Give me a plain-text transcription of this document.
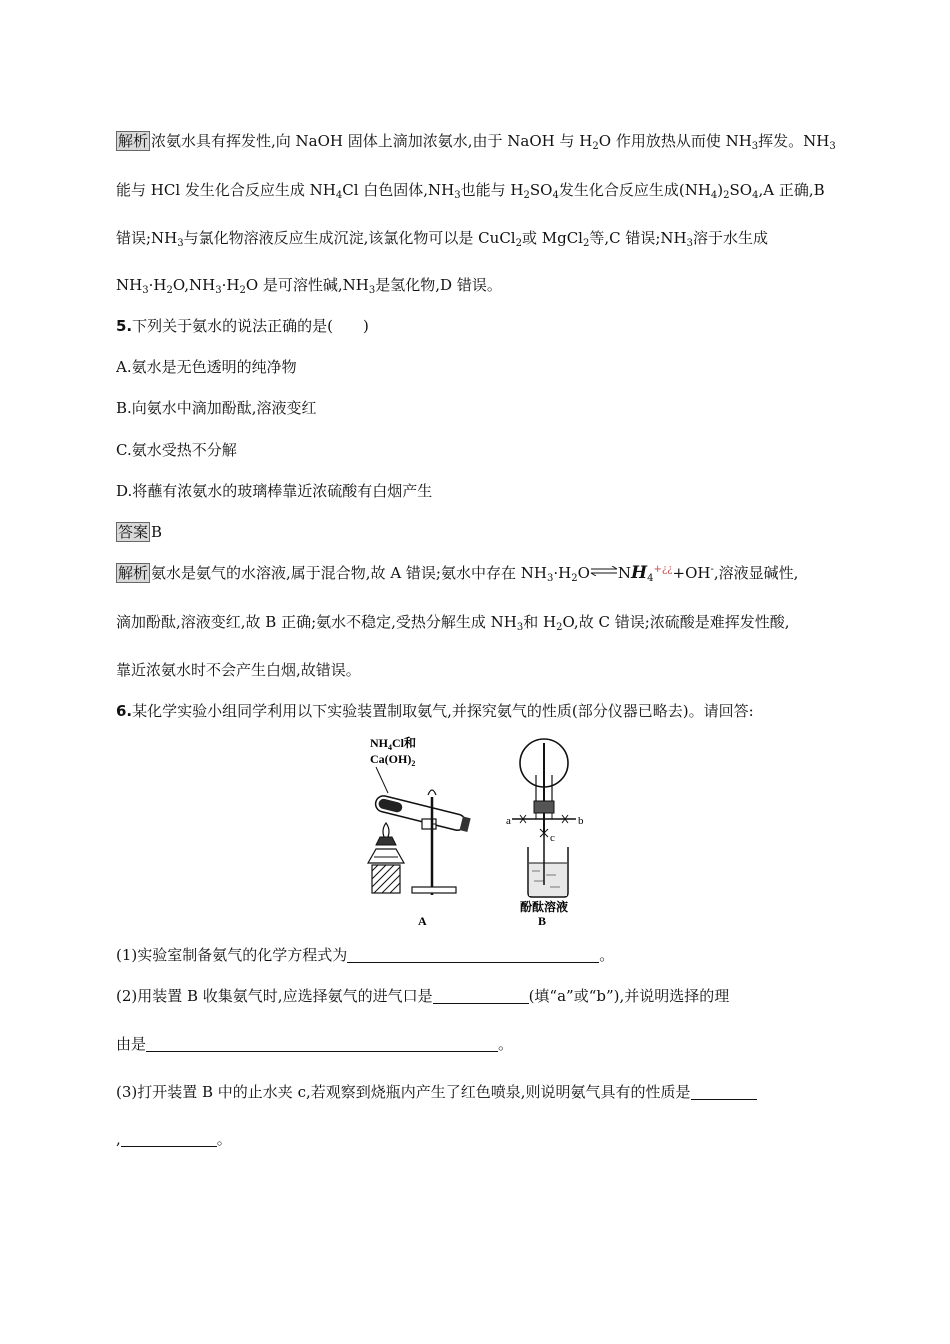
解析 浓氨水具有挥发性,向 NaOH 固体上滴加浓氨水,由于 NaOH 与 $H_2O$ 作用放热从而使 $NH_3$挥发。$NH_3$
能与 HCl 发生化合反应生成 $NH_4Cl$ 白色固体$,NH_3$也能与 $H_2SO_4$发生化合反应生成$(NH_4)_2SO_4,A$ 正确,B
错误$;NH_3$与氯化物溶液反应生成沉淀,该氯化物可以是 CuCl$_2$或 MgCl$_2$等,C 错误$;NH_3$溶于水生成
$NH_3\cdot H_2O,NH_3\cdot H_2O$ 是可溶性碱$,NH_3$是氢化物,D 错误。
5.下列关于氨水的说法正确的是(　　)
A.氨水是无色透明的纯净物
B.向氨水中滴加酚酞,溶液变红
C.氨水受热不分解
D.将蘸有浓氨水的玻璃棒靠近浓硫酸有白烟产生
答案 B
解析 氨水是氨气的水溶液,属于混合物,故 A 错误;氨水中存在 $NH_3\cdot H_2O\rightleftharpoons NH_4^{+¿¿}+OH^-$,溶液显碱性,
滴加酚酞,溶液变红,故 B 正确;氨水不稳定,受热分解生成 $NH_3$和 $H_2O$,故 C 错误;浓硫酸是难挥发性酸,
靠近浓氨水时不会产生白烟,故错误。
6.某化学实验小组同学利用以下实验装置制取氨气,并探究氨气的性质(部分仪器已略去)。请回答:
$NH_4Cl$和
$Ca(OH)_2$
A
a	b
c
酚酞溶液
B
(1)实验室制备氨气的化学方程式为	。
(2)用装置 B 收集氨气时,应选择氨气的进气口是	(填“a”或“b”),并说明选择的理
由是	。
(3)打开装置 B 中的止水夹 c,若观察到烧瓶内产生了红色喷泉,则说明氨气具有的性质是
,	。
